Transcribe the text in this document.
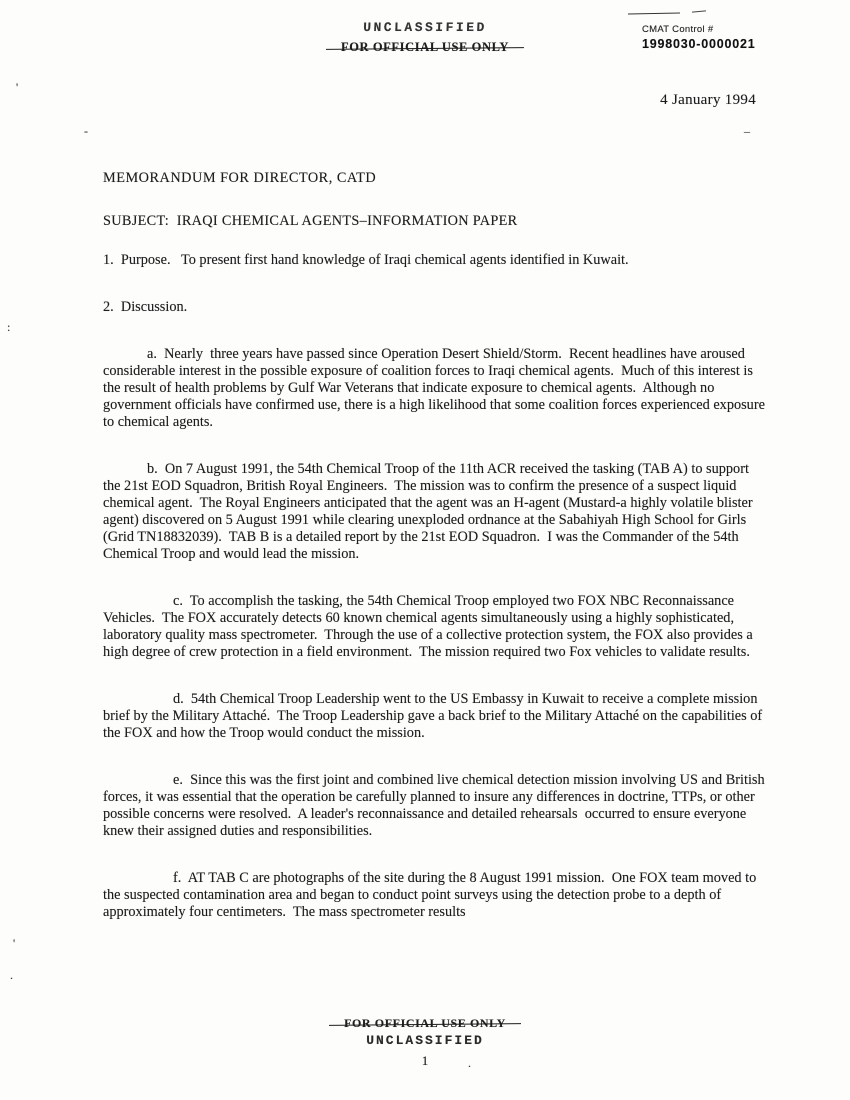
UNCLASSIFIED
FOR OFFICIAL USE ONLY
CMAT Control #
1998030-0000021
4 January 1994

MEMORANDUM FOR DIRECTOR, CATD

SUBJECT:  IRAQI CHEMICAL AGENTS–INFORMATION PAPER

1.  Purpose.   To present first hand knowledge of Iraqi chemical agents identified in Kuwait.

2.  Discussion.

a.  Nearly  three years have passed since Operation Desert Shield/Storm.  Recent headlines have aroused considerable interest in the possible exposure of coalition forces to Iraqi chemical agents.  Much of this interest is the result of health problems by Gulf War Veterans that indicate exposure to chemical agents.  Although no government officials have confirmed use, there is a high likelihood that some coalition forces experienced exposure to chemical agents.

b.  On 7 August 1991, the 54th Chemical Troop of the 11th ACR received the tasking (TAB A) to support the 21st EOD Squadron, British Royal Engineers.  The mission was to confirm the presence of a suspect liquid chemical agent.  The Royal Engineers anticipated that the agent was an H-agent (Mustard-a highly volatile blister agent) discovered on 5 August 1991 while clearing unexploded ordnance at the Sabahiyah High School for Girls (Grid TN18832039).  TAB B is a detailed report by the 21st EOD Squadron.  I was the Commander of the 54th Chemical Troop and would lead the mission.

c.  To accomplish the tasking, the 54th Chemical Troop employed two FOX NBC Reconnaissance Vehicles.  The FOX accurately detects 60 known chemical agents simultaneously using a highly sophisticated, laboratory quality mass spectrometer.  Through the use of a collective protection system, the FOX also provides a high degree of crew protection in a field environment.  The mission required two Fox vehicles to validate results.

d.  54th Chemical Troop Leadership went to the US Embassy in Kuwait to receive a complete mission brief by the Military Attaché.  The Troop Leadership gave a back brief to the Military Attaché on the capabilities of the FOX and how the Troop would conduct the mission.

e.  Since this was the first joint and combined live chemical detection mission involving US and British forces, it was essential that the operation be carefully planned to insure any differences in doctrine, TTPs, or other possible concerns were resolved.  A leader's reconnaissance and detailed rehearsals  occurred to ensure everyone knew their assigned duties and responsibilities.

f.  AT TAB C are photographs of the site during the 8 August 1991 mission.  One FOX team moved to the suspected contamination area and began to conduct point surveys using the detection probe to a depth of approximately four centimeters.  The mass spectrometer results

FOR OFFICIAL USE ONLY
UNCLASSIFIED
1
'
:
-	_
'
.
.
